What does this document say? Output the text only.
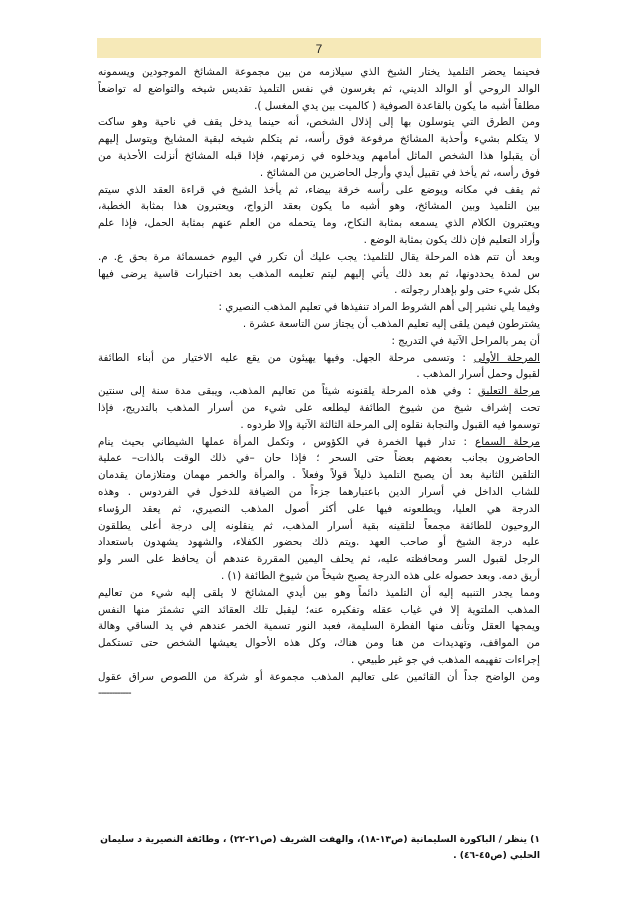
7
فحينما يحضر التلميذ يختار الشيخ الذي سيلازمه من بين مجموعة المشائخ الموجودين ويسمونه
الوالد الروحي أو الوالد الديني، ثم يغرسون في نفس التلميذ تقديس شيخه والتواضع له تواضعاً
مطلقاً أشبه ما يكون بالقاعدة الصوفية ( كالميت بين يدي المغسل ).
ومن الطرق التي يتوسلون بها إلى إذلال الشخص، أنه حينما يدخل يقف في ناحية وهو ساكت
لا يتكلم بشيء وأحذية المشائخ مرفوعة فوق رأسه، ثم يتكلم شيخه لبقية المشايخ ويتوسل إليهم
أن يقبلوا هذا الشخص الماثل أمامهم ويدخلوه في زمرتهم، فإذا قبله المشائخ أنزلت الأحذية من
فوق رأسه، ثم يأخذ في تقبيل أيدي وأرجل الحاضرين من المشائخ .
ثم يقف في مكانه ويوضع على رأسه خرقة بيضاء، ثم يأخذ الشيخ في قراءة العقد الذي سيتم
بين التلميذ وبين المشائخ، وهو أشبه ما يكون بعقد الزواج، ويعتبرون هذا بمثابة الخطبة،
ويعتبرون الكلام الذي يسمعه بمثابة النكاح، وما يتحمله من العلم عنهم بمثابة الحمل، فإذا علم
وأراد التعليم فإن ذلك يكون بمثابة الوضع .
وبعد أن تتم هذه المرحلة يقال للتلميذ: يجب عليك أن تكرر في اليوم خمسمائة مرة بحق ع. م.
س لمدة يحددونها، ثم بعد ذلك يأتي إليهم ليتم تعليمه المذهب بعد اختبارات قاسية يرضى فيها
بكل شيء حتى ولو بإهدار رجولته .
وفيما يلي نشير إلى أهم الشروط المراد تنفيذها في تعليم المذهب النصيري :
يشترطون فيمن يلقى إليه تعليم المذهب أن يجتاز سن التاسعة عشرة .
أن يمر بالمراحل الآتية في التدريج :
المرحلة الأولى : وتسمى مرحلة الجهل. وفيها يهيئون من يقع عليه الاختيار من أبناء الطائفة
لقبول وحمل أسرار المذهب .
مرحلة التعليق : وفي هذه المرحلة يلقنونه شيئاً من تعاليم المذهب، ويبقى مدة سنة إلى سنتين
تحت إشراف شيخ من شيوخ الطائفة ليطلعه على شيء من أسرار المذهب بالتدريج، فإذا
توسموا فيه القبول والنجابة نقلوه إلى المرحلة الثالثة الآتية وإلا طردوه .
مرحلة السماع : تدار فيها الخمرة في الكؤوس ، وتكمل المرأة عملها الشيطاني بحيث ينام
الحاضرون بجانب بعضهم بعضاً حتى السحر ؛ فإذا حان –في ذلك الوقت بالذات– عملية
التلقين الثانية بعد أن يصبح التلميذ ذليلاً قولاً وفعلاً . والمرأة والخمر مهمان ومتلازمان يقدمان
للشاب الداخل في أسرار الدين باعتبارهما جزءاً من الضيافة للدخول في الفردوس . وهذه
الدرجة هي العليا، ويطلعونه فيها على أكثر أصول المذهب النصيري، ثم يعقد الرؤساء
الروحيون للطائفة مجمعاً لتلقينه بقية أسرار المذهب، ثم ينقلونه إلى درجة أعلى يطلقون
عليه درجة الشيخ أو صاحب العهد .ويتم ذلك بحضور الكفلاء، والشهود يشهدون باستعداد
الرجل لقبول السر ومحافظته عليه، ثم يحلف اليمين المقررة عندهم أن يحافظ على السر ولو
أريق دمه. وبعد حصوله على هذه الدرجة يصبح شيخاً من شيوخ الطائفة (١) .
ومما يجدر التنبيه إليه أن التلميذ دائماً وهو بين أيدي المشائخ لا يلقى إليه شيء من تعاليم
المذهب الملتوية إلا في غياب عقله وتفكيره عنه؛ ليقبل تلك العقائد التي تشمئز منها النفس
ويمجها العقل وتأنف منها الفطرة السليمة، فعبد النور تسمية الخمر عندهم في يد الساقي وهالة
من المواقف، وتهديدات من هنا ومن هناك، وكل هذه الأحوال يعيشها الشخص حتى تستكمل
إجراءات تفهيمه المذهب في جو غير طبيعي .
ومن الواضح جداً أن القائمين على تعاليم المذهب مجموعة أو شركة من اللصوص سراق عقول
------------
١) ينظر / الباكورة السليمانية (ص١٣-١٨)، والهفت الشريف (ص٢١-٢٢) ، وطائفة النصيرية د سليمان
الحلبي (ص٤٥-٤٦) .
